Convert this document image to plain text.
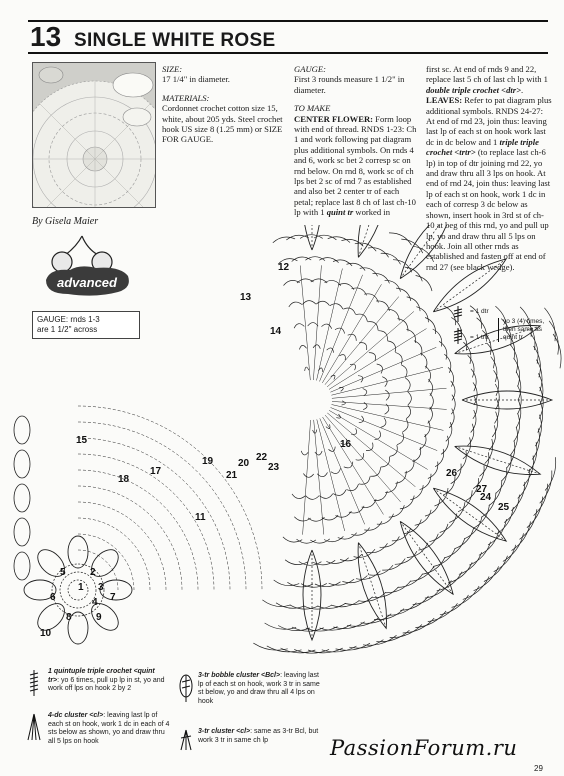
13 SINGLE WHITE ROSE
By Gisela Maier
advanced
GAUGE: rnds 1-3
are 1 1/2" across

SIZE:

17 1/4" in diameter.

MATERIALS:

Cordonnet crochet cotton size 15, white, about 205 yds. Steel crochet hook US size 8 (1.25 mm) or SIZE FOR GAUGE.

GAUGE:

First 3 rounds measure 1 1/2" in diameter.

TO MAKE

CENTER FLOWER: Form loop with end of thread. RNDS 1-23: Ch 1 and work following pat diagram plus additional symbols. On rnds 4 and 6, work sc bet 2 corresp sc on rnd below. On rnd 8, work sc of ch lps bet 2 sc of rnd 7 as established and also bet 2 center tr of each petal; replace last 8 ch of last ch-10 lp with 1 quint tr worked in

first sc. At end of rnds 9 and 22, replace last 5 ch of last ch lp with 1 double triple crochet <dtr>.

LEAVES: Refer to pat diagram plus additional symbols. RNDS 24-27: At end of rnd 23, join thus: leaving last lp of each st on hook work last dc in dc below and 1 triple triple crochet <trtr> (to replace last ch-6 lp) in top of dtr joining rnd 22, yo and draw thru all 3 lps on hook. At end of rnd 24, join thus: leaving last lp of each st on hook, work 1 dc in each of corresp 3 dc below as shown, insert hook in 3rd st of ch-10 at beg of this rnd, yo and pull up lp, yo and draw thru all 5 lps on hook. Join all other rnds as established and fasten off at end of rnd 27 (see black wedge).

1
2
3
4
5
6	7
8 9
10
11
12
13
14
15	16
17
18
19 20
21
22
23
24
25
26
27
= 1 dtr
= 1 trtr
yo 3 (4) times, then same as quint tr
1 quintuple triple crochet <quint tr>: yo 6 times, pull up lp in st, yo and work off lps on hook 2 by 2
4-dc cluster <cl>: leaving last lp of each st on hook, work 1 dc in each of 4 sts below as shown, yo and draw thru all 5 lps on hook
3-tr bobble cluster <Bcl>: leaving last lp of each st on hook, work 3 tr in same st below, yo and draw thru all 4 lps on hook
3-tr cluster <cl>: same as 3-tr Bcl, but work 3 tr in same ch lp	PassionForum.ru
29
